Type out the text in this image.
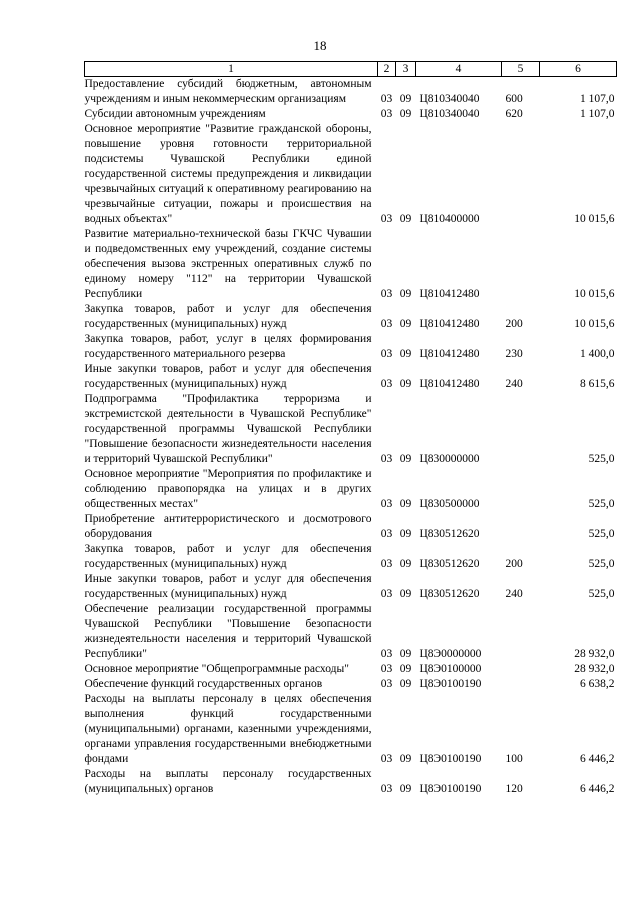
18
1	2	3	4	5	6
Предоставление субсидий бюджетным, автономным учреждениям и иным некоммерческим организациям	03	09	Ц810340040	600	1 107,0
Субсидии автономным учреждениям	03	09	Ц810340040	620	1 107,0
Основное мероприятие "Развитие гражданской обороны, повышение уровня готовности территориальной подсистемы Чувашской Республики единой государственной системы предупреждения и ликвидации чрезвычайных ситуаций к оперативному реагированию на чрезвычайные ситуации, пожары и происшествия на водных объектах"	03	09	Ц810400000		10 015,6
Развитие материально-технической базы ГКЧС Чувашии и подведомственных ему учреждений, создание системы обеспечения вызова экстренных оперативных служб по единому номеру "112" на территории Чувашской Республики	03	09	Ц810412480		10 015,6
Закупка товаров, работ и услуг для обеспечения государственных (муниципальных) нужд	03	09	Ц810412480	200	10 015,6
Закупка товаров, работ, услуг в целях формирования государственного материального резерва	03	09	Ц810412480	230	1 400,0
Иные закупки товаров, работ и услуг для обеспечения государственных (муниципальных) нужд	03	09	Ц810412480	240	8 615,6
Подпрограмма "Профилактика терроризма и экстремистской деятельности в Чувашской Республике" государственной программы Чувашской Республики "Повышение безопасности жизнедеятельности населения и территорий Чувашской Республики"	03	09	Ц830000000		525,0
Основное мероприятие "Мероприятия по профилактике и соблюдению правопорядка на улицах и в других общественных местах"	03	09	Ц830500000		525,0
Приобретение антитеррористического и досмотрового оборудования	03	09	Ц830512620		525,0
Закупка товаров, работ и услуг для обеспечения государственных (муниципальных) нужд	03	09	Ц830512620	200	525,0
Иные закупки товаров, работ и услуг для обеспечения государственных (муниципальных) нужд	03	09	Ц830512620	240	525,0
Обеспечение реализации государственной программы Чувашской Республики "Повышение безопасности жизнедеятельности населения и территорий Чувашской Республики"	03	09	Ц8Э0000000		28 932,0
Основное мероприятие "Общепрограммные расходы"	03	09	Ц8Э0100000		28 932,0
Обеспечение функций государственных органов	03	09	Ц8Э0100190		6 638,2
Расходы на выплаты персоналу в целях обеспечения выполнения функций государственными (муниципальными) органами, казенными учреждениями, органами управления государственными внебюджетными фондами	03	09	Ц8Э0100190	100	6 446,2
Расходы на выплаты персоналу государственных (муниципальных) органов	03	09	Ц8Э0100190	120	6 446,2
